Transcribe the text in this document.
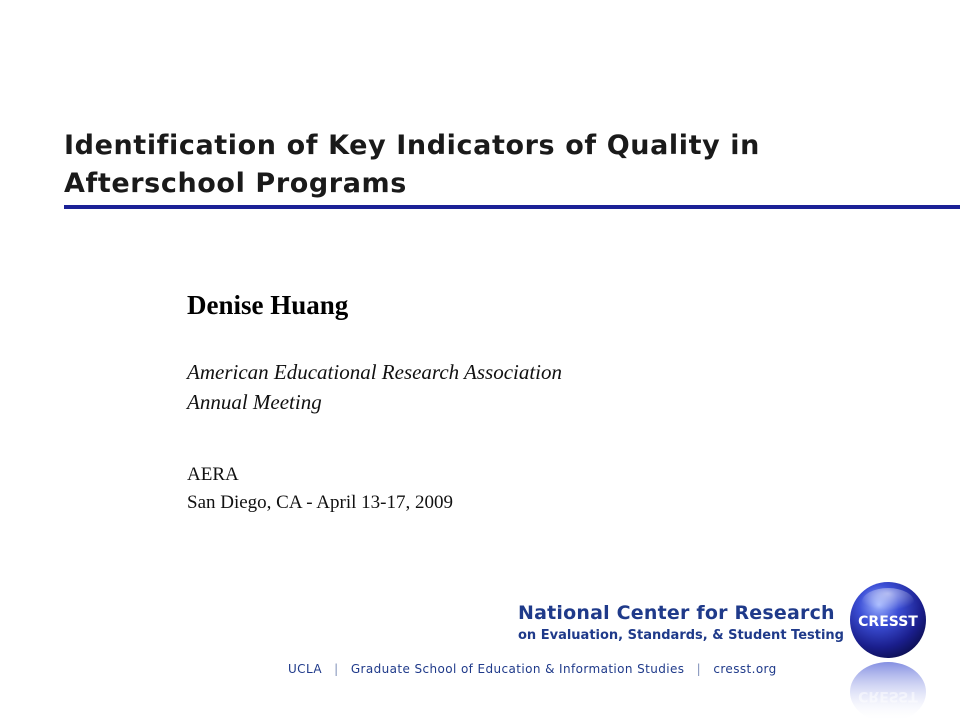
Identification of Key Indicators of Quality in Afterschool Programs
Denise Huang
American Educational Research Association
Annual Meeting
AERA
San Diego, CA - April 13-17, 2009
National Center for Research
on Evaluation, Standards, & Student Testing
UCLA | Graduate School of Education & Information Studies | cresst.org
CRESST
CRESST
